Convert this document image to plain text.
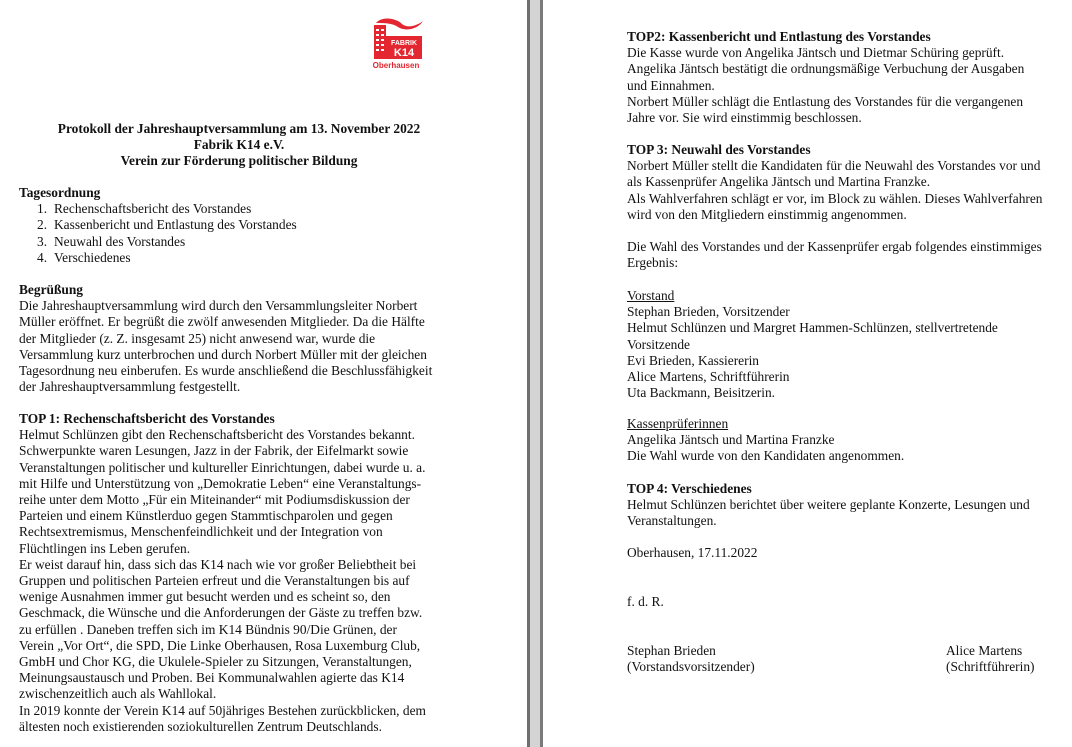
FABRIK
K14
Oberhausen
Protokoll der Jahreshauptversammlung am 13. November 2022
Fabrik K14 e.V.
Verein zur Förderung politischer Bildung
Tagesordnung
1. Rechenschaftsbericht des Vorstandes
2. Kassenbericht und Entlastung des Vorstandes
3. Neuwahl des Vorstandes
4. Verschiedenes
Begrüßung
Die Jahreshauptversammlung wird durch den Versammlungsleiter Norbert
Müller eröffnet. Er begrüßt die zwölf anwesenden Mitglieder. Da die Hälfte
der Mitglieder (z. Z. insgesamt 25) nicht anwesend war, wurde die
Versammlung kurz unterbrochen und durch Norbert Müller mit der gleichen
Tagesordnung neu einberufen. Es wurde anschließend die Beschlussfähigkeit
der Jahreshauptversammlung festgestellt.
TOP 1: Rechenschaftsbericht des Vorstandes
Helmut Schlünzen gibt den Rechenschaftsbericht des Vorstandes bekannt.
Schwerpunkte waren Lesungen, Jazz in der Fabrik, der Eifelmarkt sowie
Veranstaltungen politischer und kultureller Einrichtungen, dabei wurde u. a.
mit Hilfe und Unterstützung von „Demokratie Leben“ eine Veranstaltungs-
reihe unter dem Motto „Für ein Miteinander“ mit Podiumsdiskussion der
Parteien und einem Künstlerduo gegen Stammtischparolen und gegen
Rechtsextremismus, Menschenfeindlichkeit und der Integration von
Flüchtlingen ins Leben gerufen.
Er weist darauf hin, dass sich das K14 nach wie vor großer Beliebtheit bei
Gruppen und politischen Parteien erfreut und die Veranstaltungen bis auf
wenige Ausnahmen immer gut besucht werden und es scheint so, den
Geschmack, die Wünsche und die Anforderungen der Gäste zu treffen bzw.
zu erfüllen . Daneben treffen sich im K14 Bündnis 90/Die Grünen, der
Verein „Vor Ort“, die SPD, Die Linke Oberhausen, Rosa Luxemburg Club,
GmbH und Chor KG, die Ukulele-Spieler zu Sitzungen, Veranstaltungen,
Meinungsaustausch und Proben. Bei Kommunalwahlen agierte das K14
zwischenzeitlich auch als Wahllokal.
In 2019 konnte der Verein K14 auf 50jähriges Bestehen zurückblicken, dem
ältesten noch existierenden soziokulturellen Zentrum Deutschlands.
TOP2: Kassenbericht und Entlastung des Vorstandes
Die Kasse wurde von Angelika Jäntsch und Dietmar Schüring geprüft.
Angelika Jäntsch bestätigt die ordnungsmäßige Verbuchung der Ausgaben
und Einnahmen.
Norbert Müller schlägt die Entlastung des Vorstandes für die vergangenen
Jahre vor. Sie wird einstimmig beschlossen.
TOP 3: Neuwahl des Vorstandes
Norbert Müller stellt die Kandidaten für die Neuwahl des Vorstandes vor und
als Kassenprüfer Angelika Jäntsch und Martina Franzke.
Als Wahlverfahren schlägt er vor, im Block zu wählen. Dieses Wahlverfahren
wird von den Mitgliedern einstimmig angenommen.
Die Wahl des Vorstandes und der Kassenprüfer ergab folgendes einstimmiges
Ergebnis:
Vorstand
Stephan Brieden, Vorsitzender
Helmut Schlünzen und Margret Hammen-Schlünzen, stellvertretende
Vorsitzende
Evi Brieden, Kassiererin
Alice Martens, Schriftführerin
Uta Backmann, Beisitzerin.
Kassenprüferinnen
Angelika Jäntsch und Martina Franzke
Die Wahl wurde von den Kandidaten angenommen.
TOP 4: Verschiedenes
Helmut Schlünzen berichtet über weitere geplante Konzerte, Lesungen und
Veranstaltungen.
Oberhausen, 17.11.2022
f. d. R.
Stephan Brieden
(Vorstandsvorsitzender)
Alice Martens
(Schriftführerin)
